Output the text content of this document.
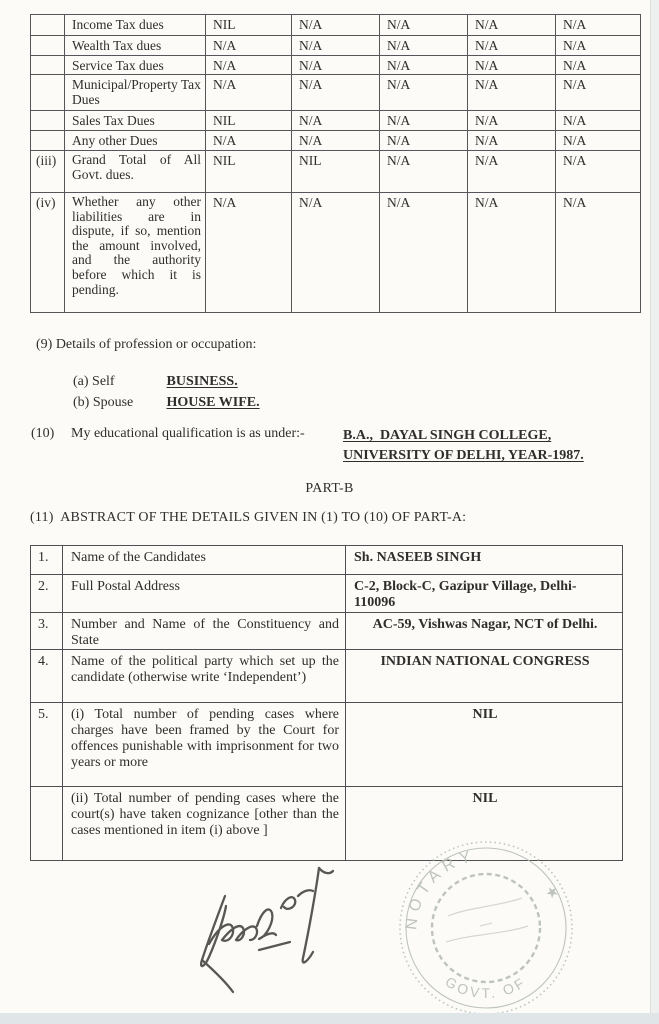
	Income Tax dues	NIL	N/A	N/A	N/A	N/A
	Wealth Tax dues	N/A	N/A	N/A	N/A	N/A
	Service Tax dues	N/A	N/A	N/A	N/A	N/A
	Municipal/Property Tax Dues	N/A	N/A	N/A	N/A	N/A
	Sales Tax Dues	NIL	N/A	N/A	N/A	N/A
	Any other Dues	N/A	N/A	N/A	N/A	N/A
(iii)	Grand Total of All Govt. dues.	NIL	NIL	N/A	N/A	N/A
(iv)	Whether any other liabilities are in dispute, if so, mention the amount involved, and the authority before which it is pending.	N/A	N/A	N/A	N/A	N/A
(9) Details of profession or occupation:
(a) Self	BUSINESS.
(b) Spouse HOUSE WIFE.
(10) My educational qualification is as under:-	B.A.,  DAYAL SINGH COLLEGE,
UNIVERSITY OF DELHI, YEAR-1987.
PART-B
(11)  ABSTRACT OF THE DETAILS GIVEN IN (1) TO (10) OF PART-A:
1.	Name of the Candidates	Sh. NASEEB SINGH
2.	Full Postal Address	C-2, Block-C, Gazipur Village, Delhi-110096
3.	Number and Name of the Constituency and State	AC-59, Vishwas Nagar, NCT of Delhi.
4.	Name of the political party which set up the candidate (otherwise write ‘Independent’)	INDIAN NATIONAL CONGRESS
5.	(i) Total number of pending cases where charges have been framed by the Court for offences punishable with imprisonment for two years or more	NIL
	(ii) Total number of pending cases where the court(s) have taken cognizance [other than the cases mentioned in item (i) above ]	NIL
NOTARY
GOVT. OF
★
